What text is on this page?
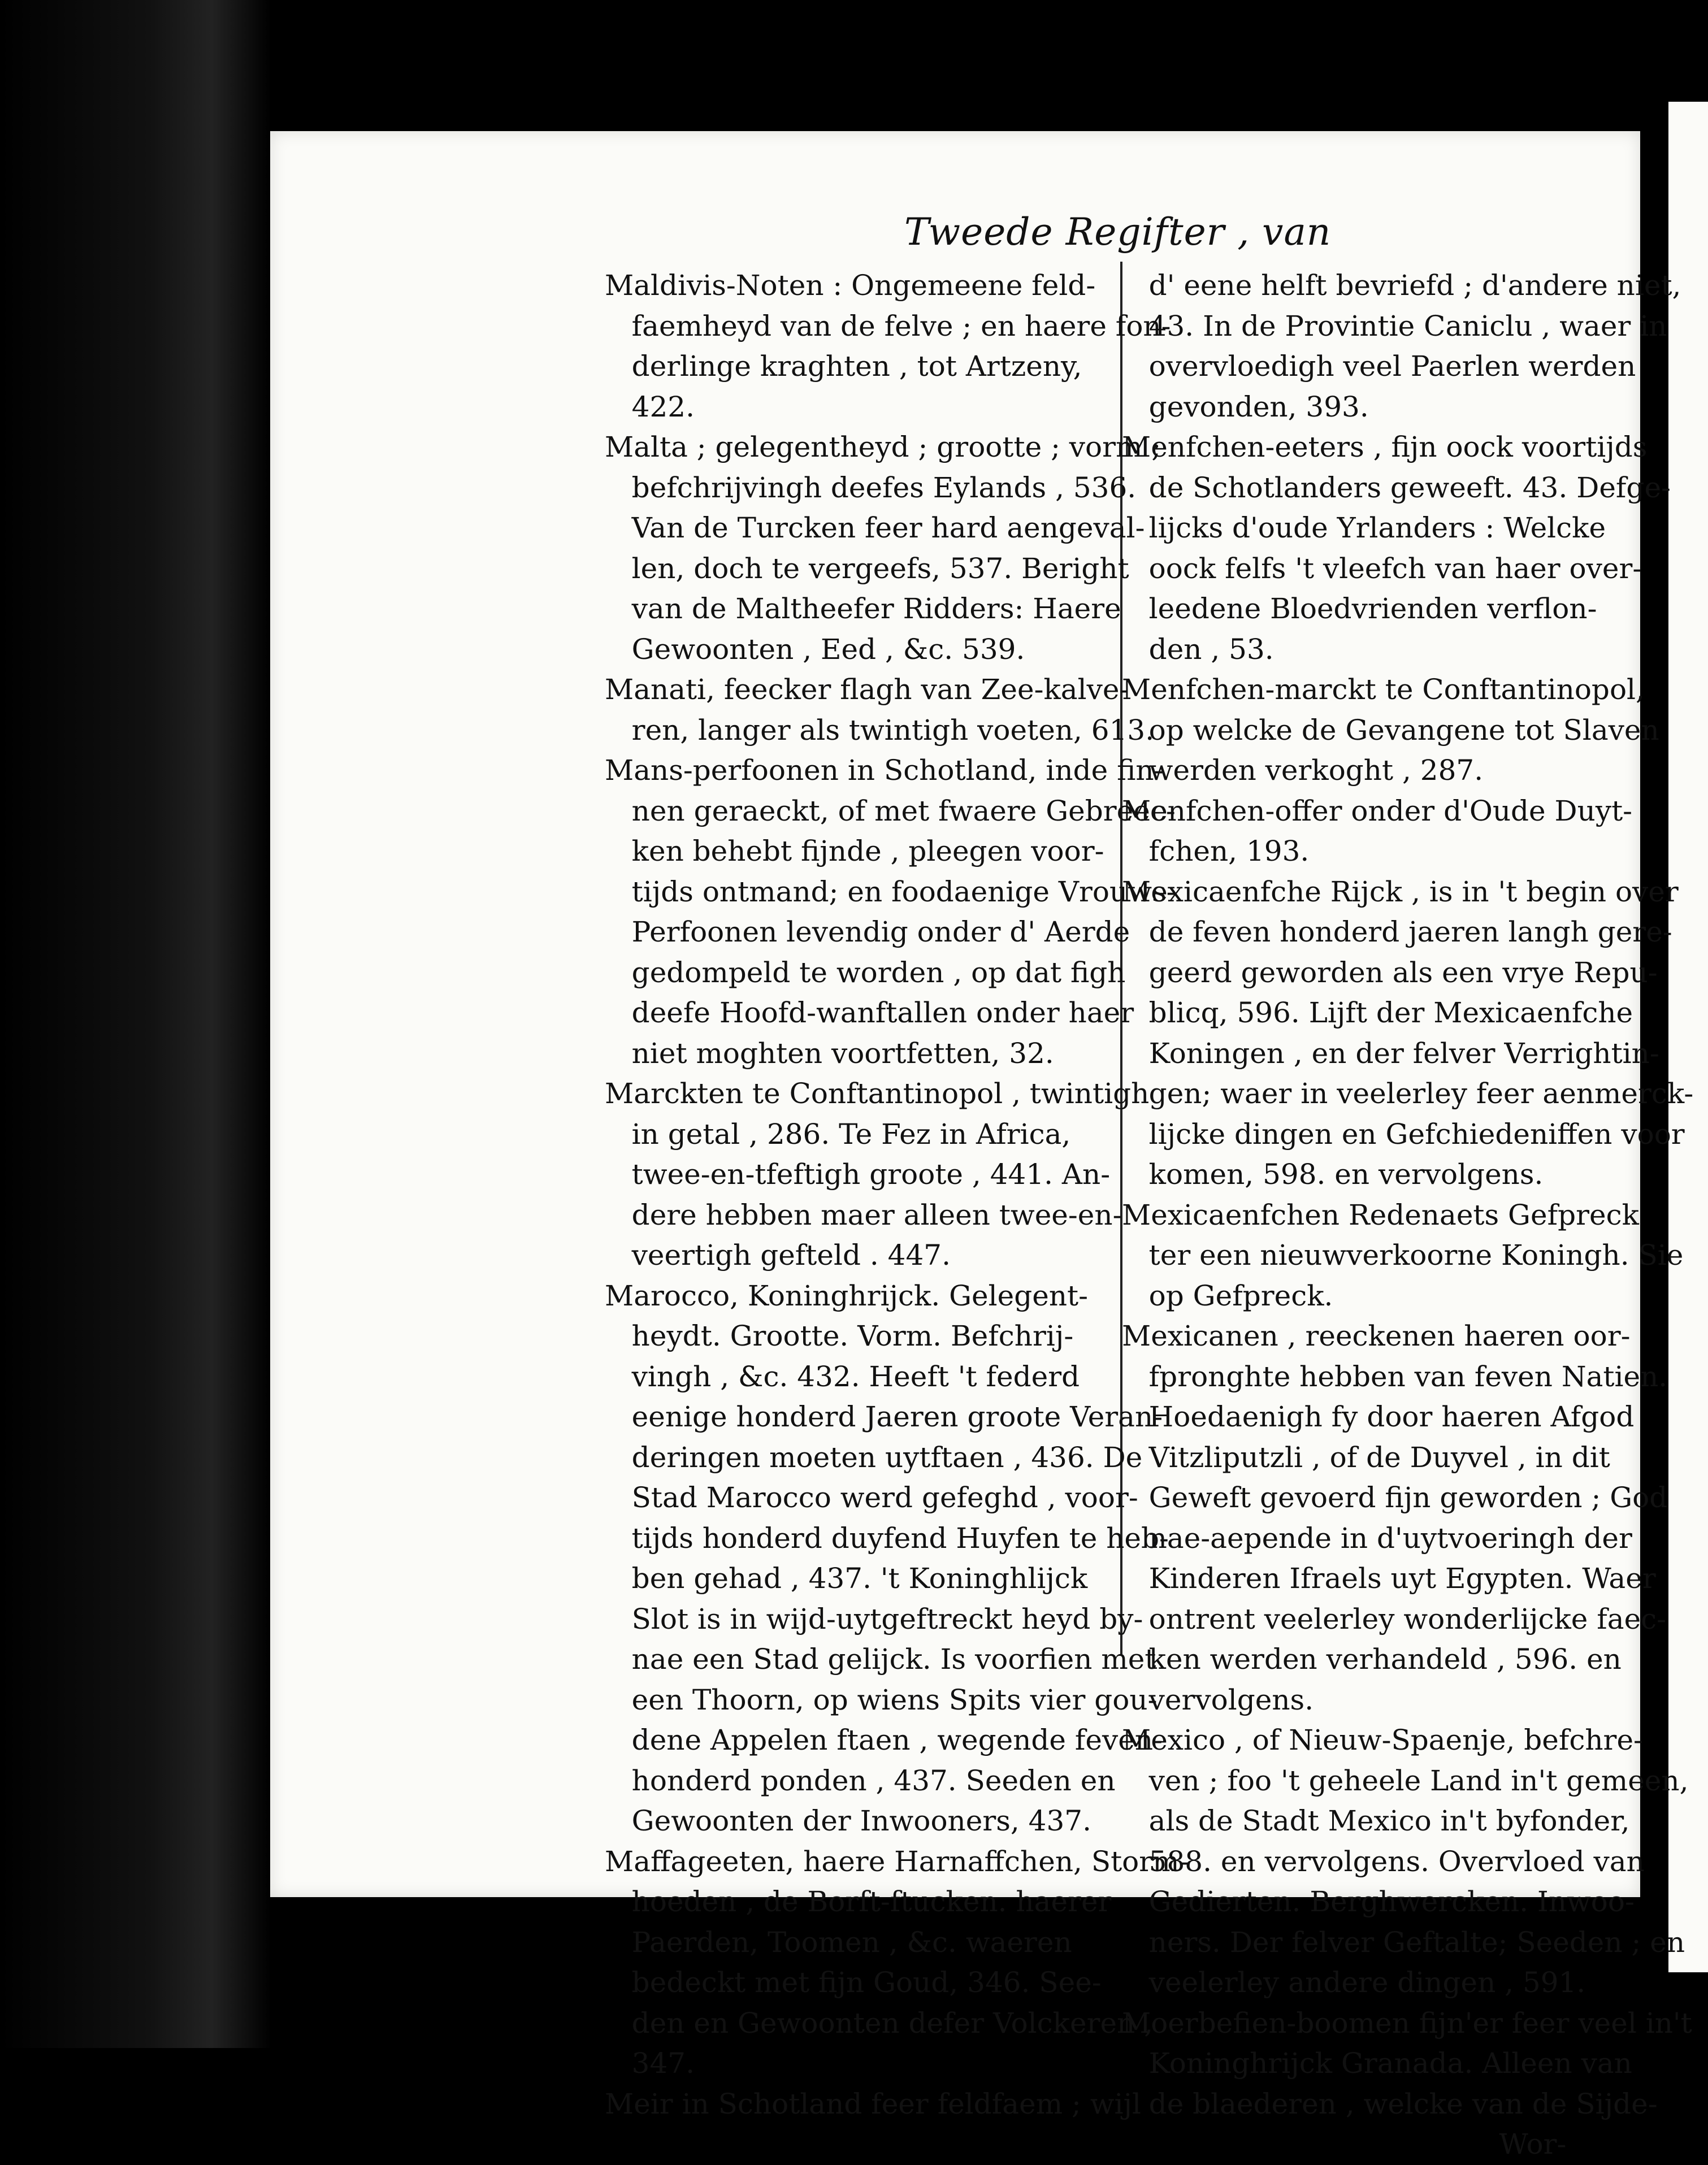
Tweede Regifter , van
Maldivis-Noten : Ongemeene feld-
faemheyd van de felve ; en haere fon-
derlinge kraghten , tot Artzeny,
422.
Malta ; gelegentheyd ; grootte ; vorm ;
befchrijvingh deefes Eylands , 536.
Van de Turcken feer hard aengeval-
len, doch te vergeefs, 537. Beright
van de Maltheefer Ridders: Haere
Gewoonten , Eed , &c. 539.
Manati, feecker flagh van Zee-kalve-
ren, langer als twintigh voeten, 613.
Mans-perfoonen in Schotland, inde fin-
nen geraeckt, of met fwaere Gebreec-
ken behebt fijnde , pleegen voor-
tijds ontmand; en foodaenige Vrouws-
Perfoonen levendig onder d' Aerde
gedompeld te worden , op dat figh
deefe Hoofd-wanftallen onder haer
niet moghten voortfetten, 32.
Marckten te Conftantinopol , twintigh
in getal , 286. Te Fez in Africa,
twee-en-tfeftigh groote , 441. An-
dere hebben maer alleen twee-en-
veertigh gefteld . 447.
Marocco, Koninghrijck. Gelegent-
heydt. Grootte. Vorm. Befchrij-
vingh , &c. 432. Heeft 't federd
eenige honderd Jaeren groote Veran-
deringen moeten uytftaen , 436. De
Stad Marocco werd gefeghd , voor-
tijds honderd duyfend Huyfen te heb-
ben gehad , 437. 't Koninghlijck
Slot is in wijd-uytgeftreckt heyd by-
nae een Stad gelijck. Is voorfien met
een Thoorn, op wiens Spits vier gou-
dene Appelen ftaen , wegende feven-
honderd ponden , 437. Seeden en
Gewoonten der Inwooners, 437.
Maffageeten, haere Harnaffchen, Storm-
hoeden , de Borft-ftucken. haerer
Paerden, Toomen , &c. waeren
bedeckt met fijn Goud, 346. See-
den en Gewoonten defer Volckeren ,
347.
Meir in Schotland feer feldfaem ; wijl
d' eene helft bevriefd ; d'andere niet,
43. In de Provintie Caniclu , waer in
overvloedigh veel Paerlen werden
gevonden, 393.
Menfchen-eeters , fijn oock voortijds
de Schotlanders geweeft. 43. Defge-
lijcks d'oude Yrlanders : Welcke
oock felfs 't vleefch van haer over-
leedene Bloedvrienden verflon-
den , 53.
Menfchen-marckt te Conftantinopol,
op welcke de Gevangene tot Slaven
werden verkoght , 287.
Menfchen-offer onder d'Oude Duyt-
fchen, 193.
Mexicaenfche Rijck , is in 't begin over
de feven honderd jaeren langh gere-
geerd geworden als een vrye Repu-
blicq, 596. Lijft der Mexicaenfche
Koningen , en der felver Verrightin-
gen; waer in veelerley feer aenmerck-
lijcke dingen en Gefchiedeniffen voor
komen, 598. en vervolgens.
Mexicaenfchen Redenaets Gefpreck
ter een nieuwverkoorne Koningh. Sie
op Gefpreck.
Mexicanen , reeckenen haeren oor-
fpronghte hebben van feven Natien.
Hoedaenigh fy door haeren Afgod
Vitzliputzli , of de Duyvel , in dit
Geweft gevoerd fijn geworden ; God
nae-aepende in d'uytvoeringh der
Kinderen Ifraels uyt Egypten. Waer
ontrent veelerley wonderlijcke faec-
ken werden verhandeld , 596. en
vervolgens.
Mexico , of Nieuw-Spaenje, befchre-
ven ; foo 't geheele Land in't gemeen,
als de Stadt Mexico in't byfonder,
588. en vervolgens. Overvloed van
Gedierten. Berghwercken. Inwoo-
ners. Der felver Geftalte; Seeden ; en
veelerley andere dingen , 591.
Moerbefien-boomen fijn'er feer veel in't
Koninghrijck Granada. Alleen van
de blaederen , welcke van de Sijde-
Wor-
